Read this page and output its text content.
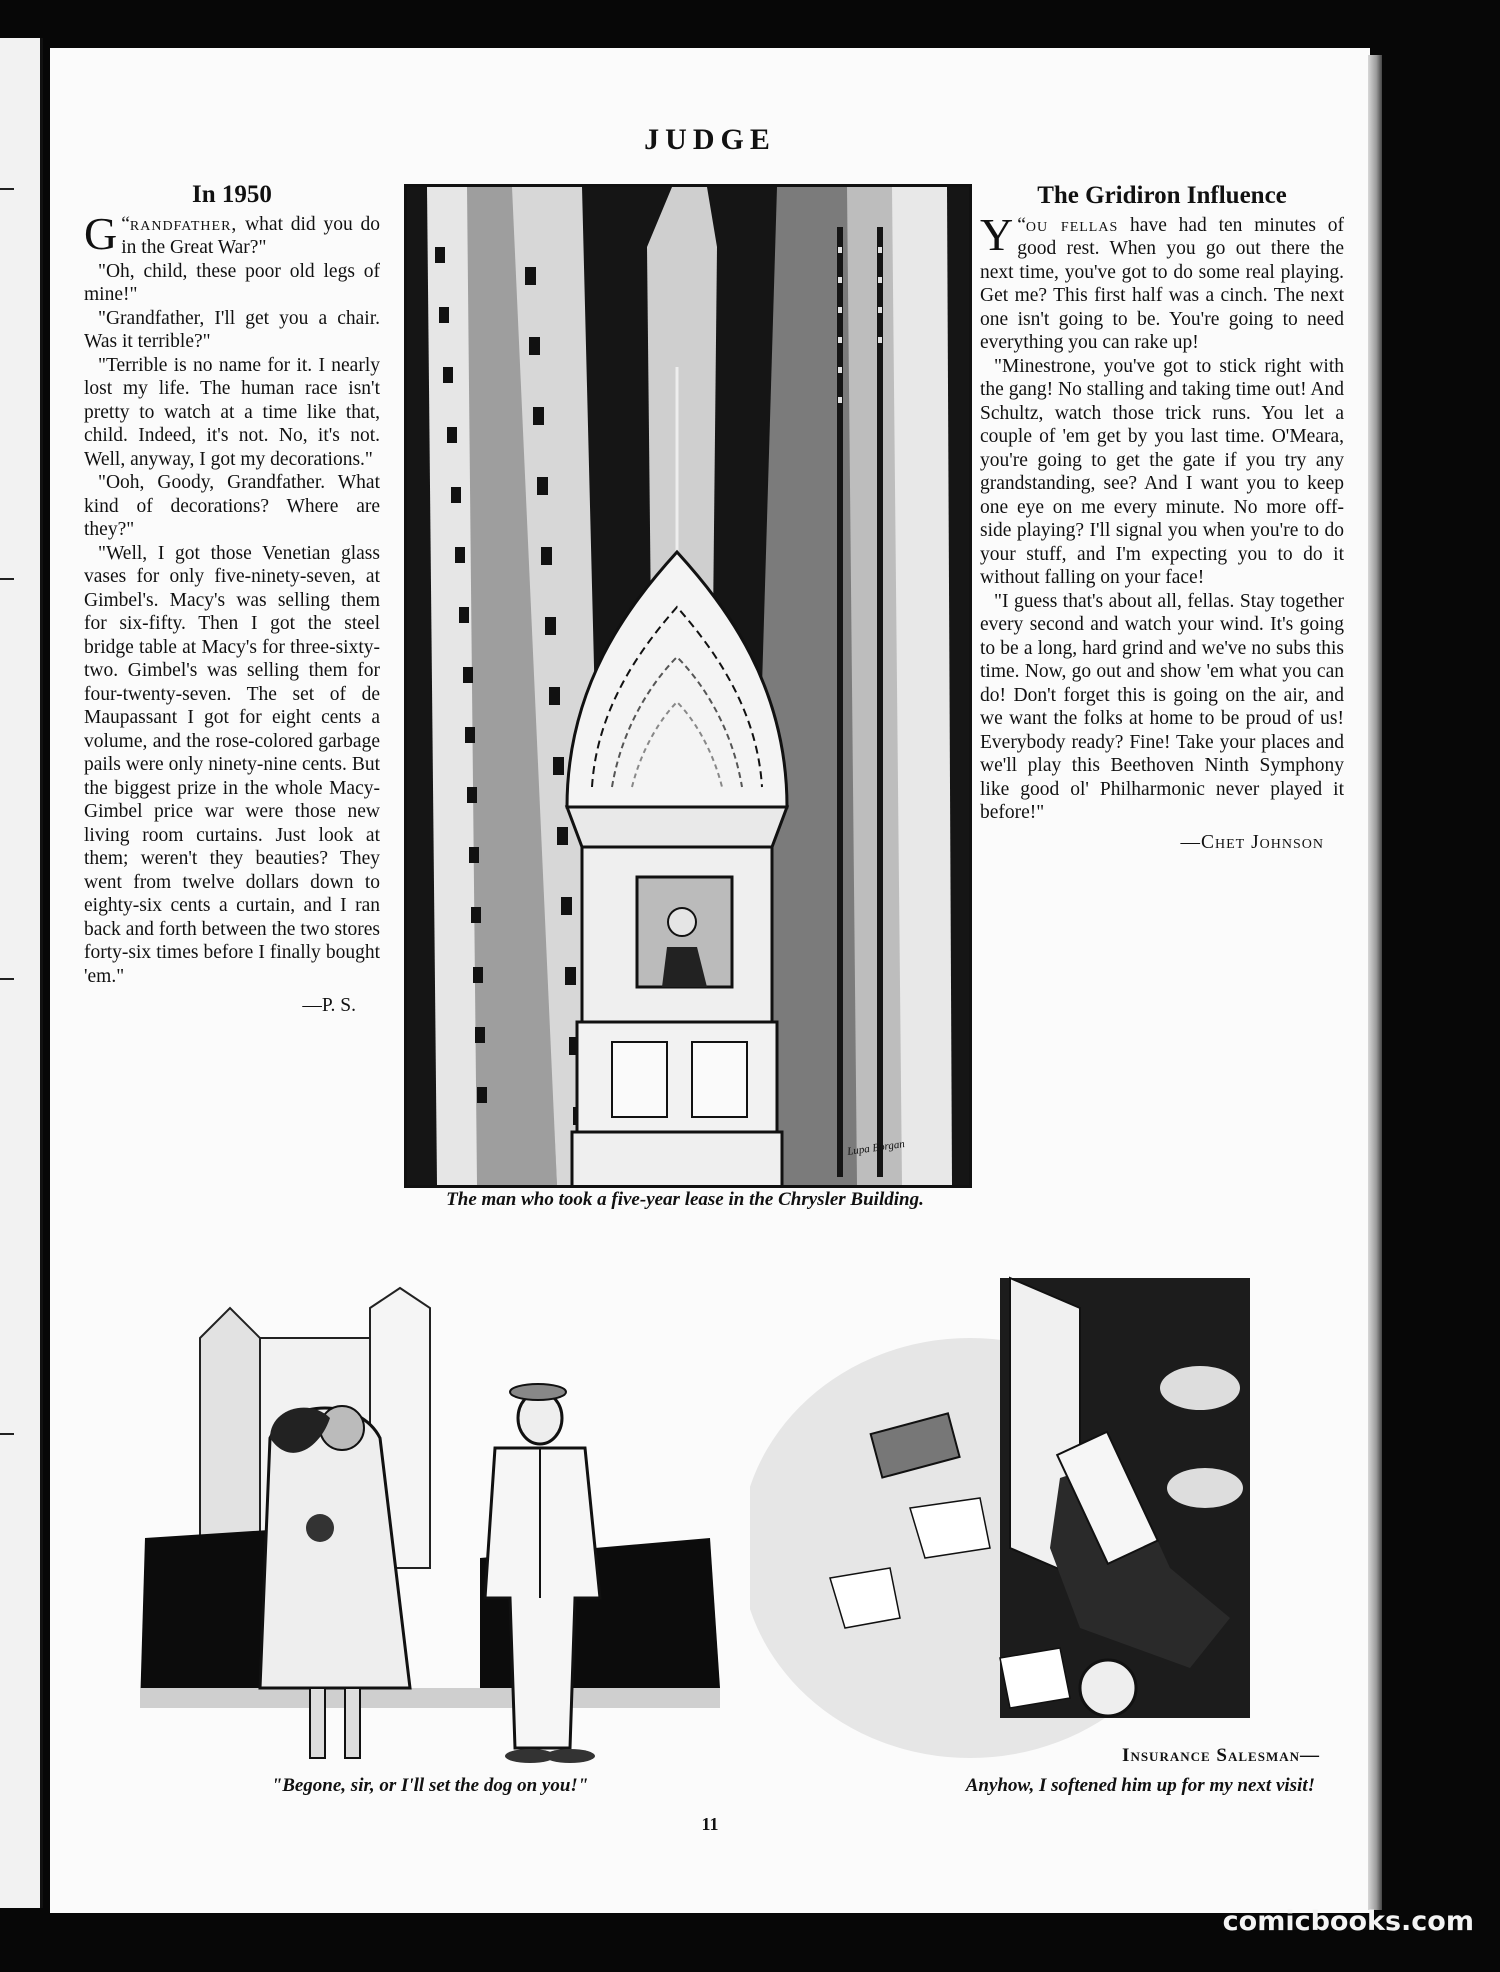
JUDGE
In 1950

“
G randfather, what did you do in the Great War?"

"Oh, child, these poor old legs of mine!"

"Grandfather, I'll get you a chair. Was it terrible?"

"Terrible is no name for it. I nearly lost my life. The human race isn't pretty to watch at a time like that, child. Indeed, it's not. No, it's not. Well, anyway, I got my decorations."

"Ooh, Goody, Grandfather. What kind of decorations? Where are they?"

"Well, I got those Venetian glass vases for only five-ninety-seven, at Gimbel's. Macy's was selling them for six-fifty. Then I got the steel bridge table at Macy's for three-sixty-two. Gimbel's was selling them for four-twenty-seven. The set of de Maupassant I got for eight cents a volume, and the rose-colored garbage pails were only ninety-nine cents. But the biggest prize in the whole Macy-Gimbel price war were those new living room curtains. Just look at them; weren't they beauties? They went from twelve dollars down to eighty-six cents a curtain, and I ran back and forth between the two stores forty-six times before I finally bought 'em."

—P. S.
Lupa Borgan
The man who took a five-year lease in the Chrysler Building.
The Gridiron Influence

“
Y ou fellas have had ten minutes of good rest. When you go out there the next time, you've got to do some real playing. Get me? This first half was a cinch. The next one isn't going to be. You're going to need everything you can rake up!

"Minestrone, you've got to stick right with the gang! No stalling and taking time out! And Schultz, watch those trick runs. You let a couple of 'em get by you last time. O'Meara, you're going to get the gate if you try any grandstanding, see? And I want you to keep one eye on me every minute. No more off-side playing? I'll signal you when you're to do your stuff, and I'm expecting you to do it without falling on your face!

"I guess that's about all, fellas. Stay together every second and watch your wind. It's going to be a long, hard grind and we've no subs this time. Now, go out and show 'em what you can do! Don't forget this is going on the air, and we want the folks at home to be proud of us! Everybody ready? Fine! Take your places and we'll play this Beethoven Ninth Symphony like good ol' Philharmonic never played it before!"

—Chet Johnson
"Begone, sir, or I'll set the dog on you!"
Insurance Salesman—
Anyhow, I softened him up for my next visit!
11
comicbooks.com
